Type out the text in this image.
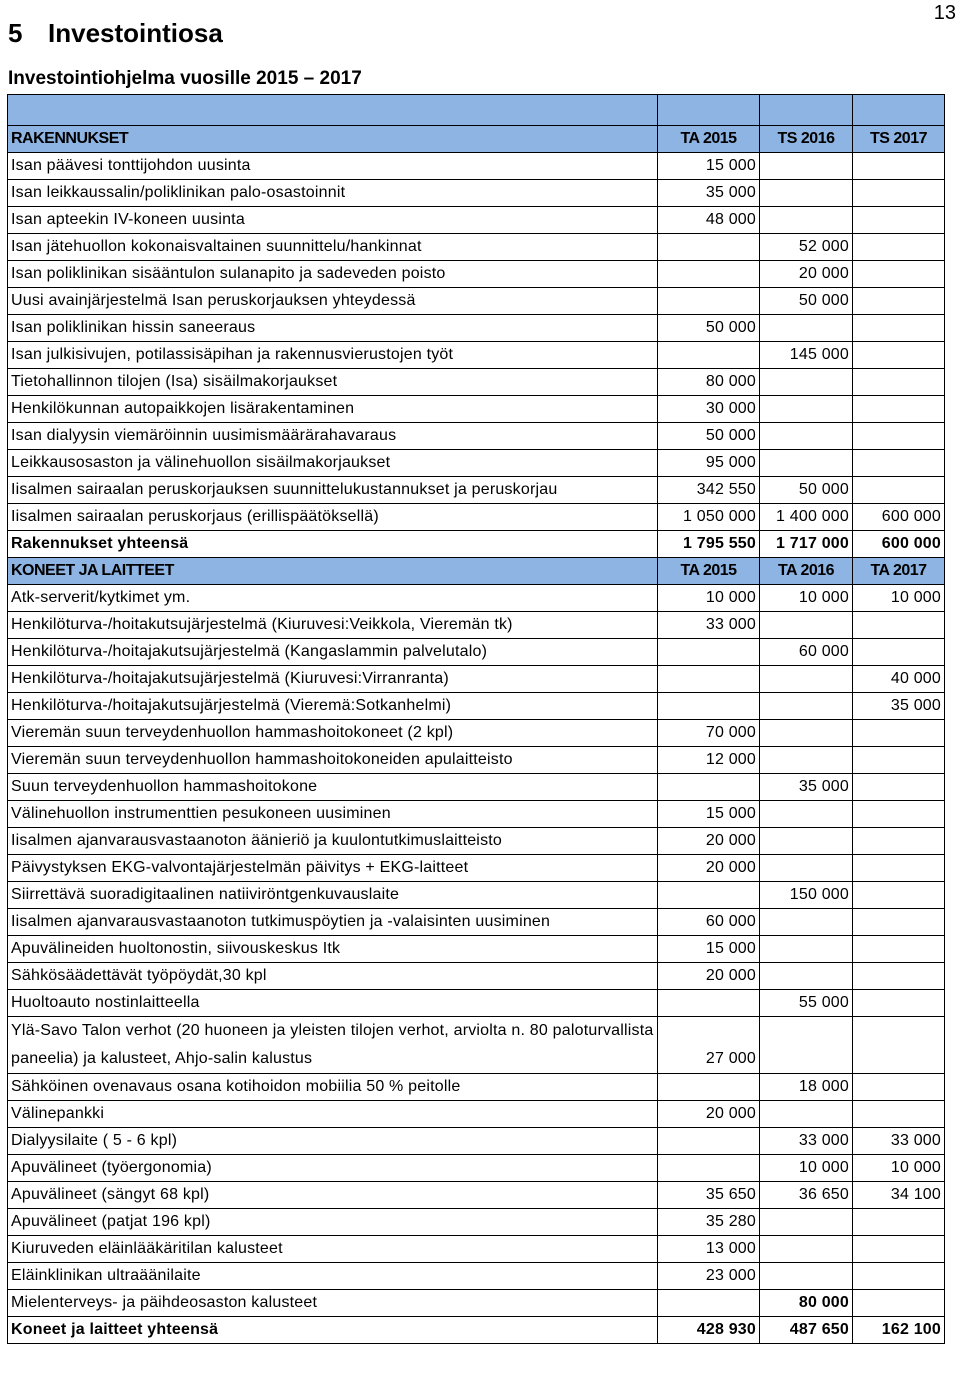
13
5 Investointiosa
Investointiohjelma vuosille 2015 – 2017

RAKENNUKSET	TA 2015	TS 2016	TS 2017
Isan päävesi tonttijohdon uusinta	15 000		
Isan leikkaussalin/poliklinikan palo-osastoinnit	35 000		
Isan apteekin IV-koneen uusinta	48 000		
Isan jätehuollon kokonaisvaltainen suunnittelu/hankinnat		52 000	
Isan poliklinikan sisääntulon sulanapito ja sadeveden poisto		20 000	
Uusi avainjärjestelmä Isan peruskorjauksen yhteydessä		50 000	
Isan poliklinikan hissin saneeraus	50 000		
Isan julkisivujen, potilassisäpihan ja rakennusvierustojen työt		145 000	
Tietohallinnon tilojen (Isa) sisäilmakorjaukset	80 000		
Henkilökunnan autopaikkojen lisärakentaminen	30 000		
Isan dialyysin viemäröinnin uusimismäärärahavaraus	50 000		
Leikkausosaston ja välinehuollon sisäilmakorjaukset	95 000		
Iisalmen sairaalan peruskorjauksen suunnittelukustannukset ja peruskorjau	342 550	50 000	
Iisalmen sairaalan peruskorjaus (erillispäätöksellä)	1 050 000	1 400 000	600 000
Rakennukset yhteensä	1 795 550	1 717 000	600 000
KONEET JA LAITTEET	TA 2015	TA 2016	TA 2017
Atk-serverit/kytkimet ym.	10 000	10 000	10 000
Henkilöturva-/hoitakutsujärjestelmä (Kiuruvesi:Veikkola, Vieremän tk)	33 000		
Henkilöturva-/hoitajakutsujärjestelmä (Kangaslammin palvelutalo)		60 000	
Henkilöturva-/hoitajakutsujärjestelmä (Kiuruvesi:Virranranta)			40 000
Henkilöturva-/hoitajakutsujärjestelmä (Vieremä:Sotkanhelmi)			35 000
Vieremän suun terveydenhuollon hammashoitokoneet (2 kpl)	70 000		
Vieremän suun terveydenhuollon hammashoitokoneiden apulaitteisto	12 000		
Suun terveydenhuollon hammashoitokone		35 000	
Välinehuollon instrumenttien pesukoneen uusiminen	15 000		
Iisalmen ajanvarausvastaanoton äänieriö ja kuulontutkimuslaitteisto	20 000		
Päivystyksen EKG-valvontajärjestelmän päivitys + EKG-laitteet	20 000		
Siirrettävä suoradigitaalinen natiiviröntgenkuvauslaite		150 000	
Iisalmen ajanvarausvastaanoton tutkimuspöytien ja -valaisinten uusiminen	60 000		
Apuvälineiden huoltonostin, siivouskeskus Itk	15 000		
Sähkösäädettävät työpöydät,30 kpl	20 000		
Huoltoauto nostinlaitteella		55 000	
Ylä-Savo Talon verhot (20 huoneen ja yleisten tilojen verhot, arviolta n. 80 paloturvallista paneelia) ja kalusteet, Ahjo-salin kalustus	27 000		
Sähköinen ovenavaus osana kotihoidon mobiilia 50 % peitolle		18 000	
Välinepankki	20 000		
Dialyysilaite ( 5 - 6 kpl)		33 000	33 000
Apuvälineet (työergonomia)		10 000	10 000
Apuvälineet (sängyt 68 kpl)	35 650	36 650	34 100
Apuvälineet (patjat 196 kpl)	35 280		
Kiuruveden eläinlääkäritilan kalusteet	13 000		
Eläinklinikan ultraäänilaite	23 000		
Mielenterveys- ja päihdeosaston kalusteet		80 000	
Koneet ja laitteet yhteensä	428 930	487 650	162 100
